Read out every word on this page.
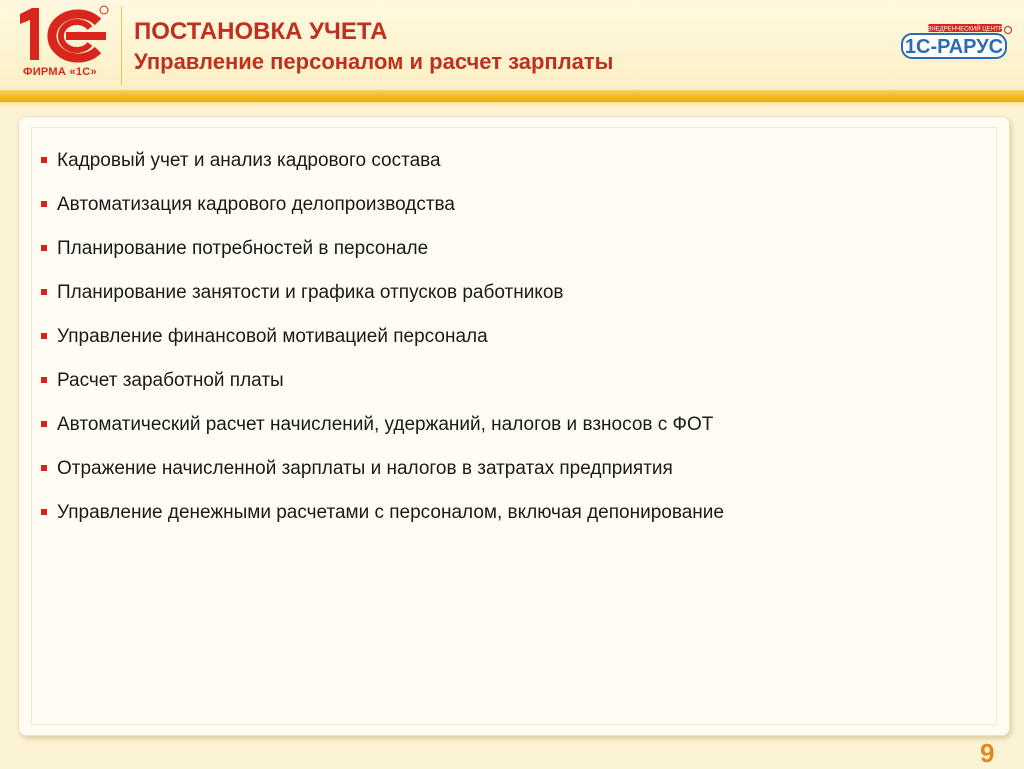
ФИРМА «1С»
ПОСТАНОВКА УЧЕТА
Управление персоналом и расчет зарплаты
ВНЕДРЕНЧЕСКИЙ ЦЕНТР
1С-РАРУС
Кадровый учет и анализ кадрового состава
Автоматизация кадрового делопроизводства
Планирование потребностей в персонале
Планирование занятости и графика отпусков работников
Управление финансовой мотивацией персонала
Расчет заработной платы
Автоматический расчет начислений, удержаний, налогов и взносов с ФОТ
Отражение начисленной зарплаты и налогов в затратах предприятия
Управление денежными расчетами с персоналом, включая депонирование
9
